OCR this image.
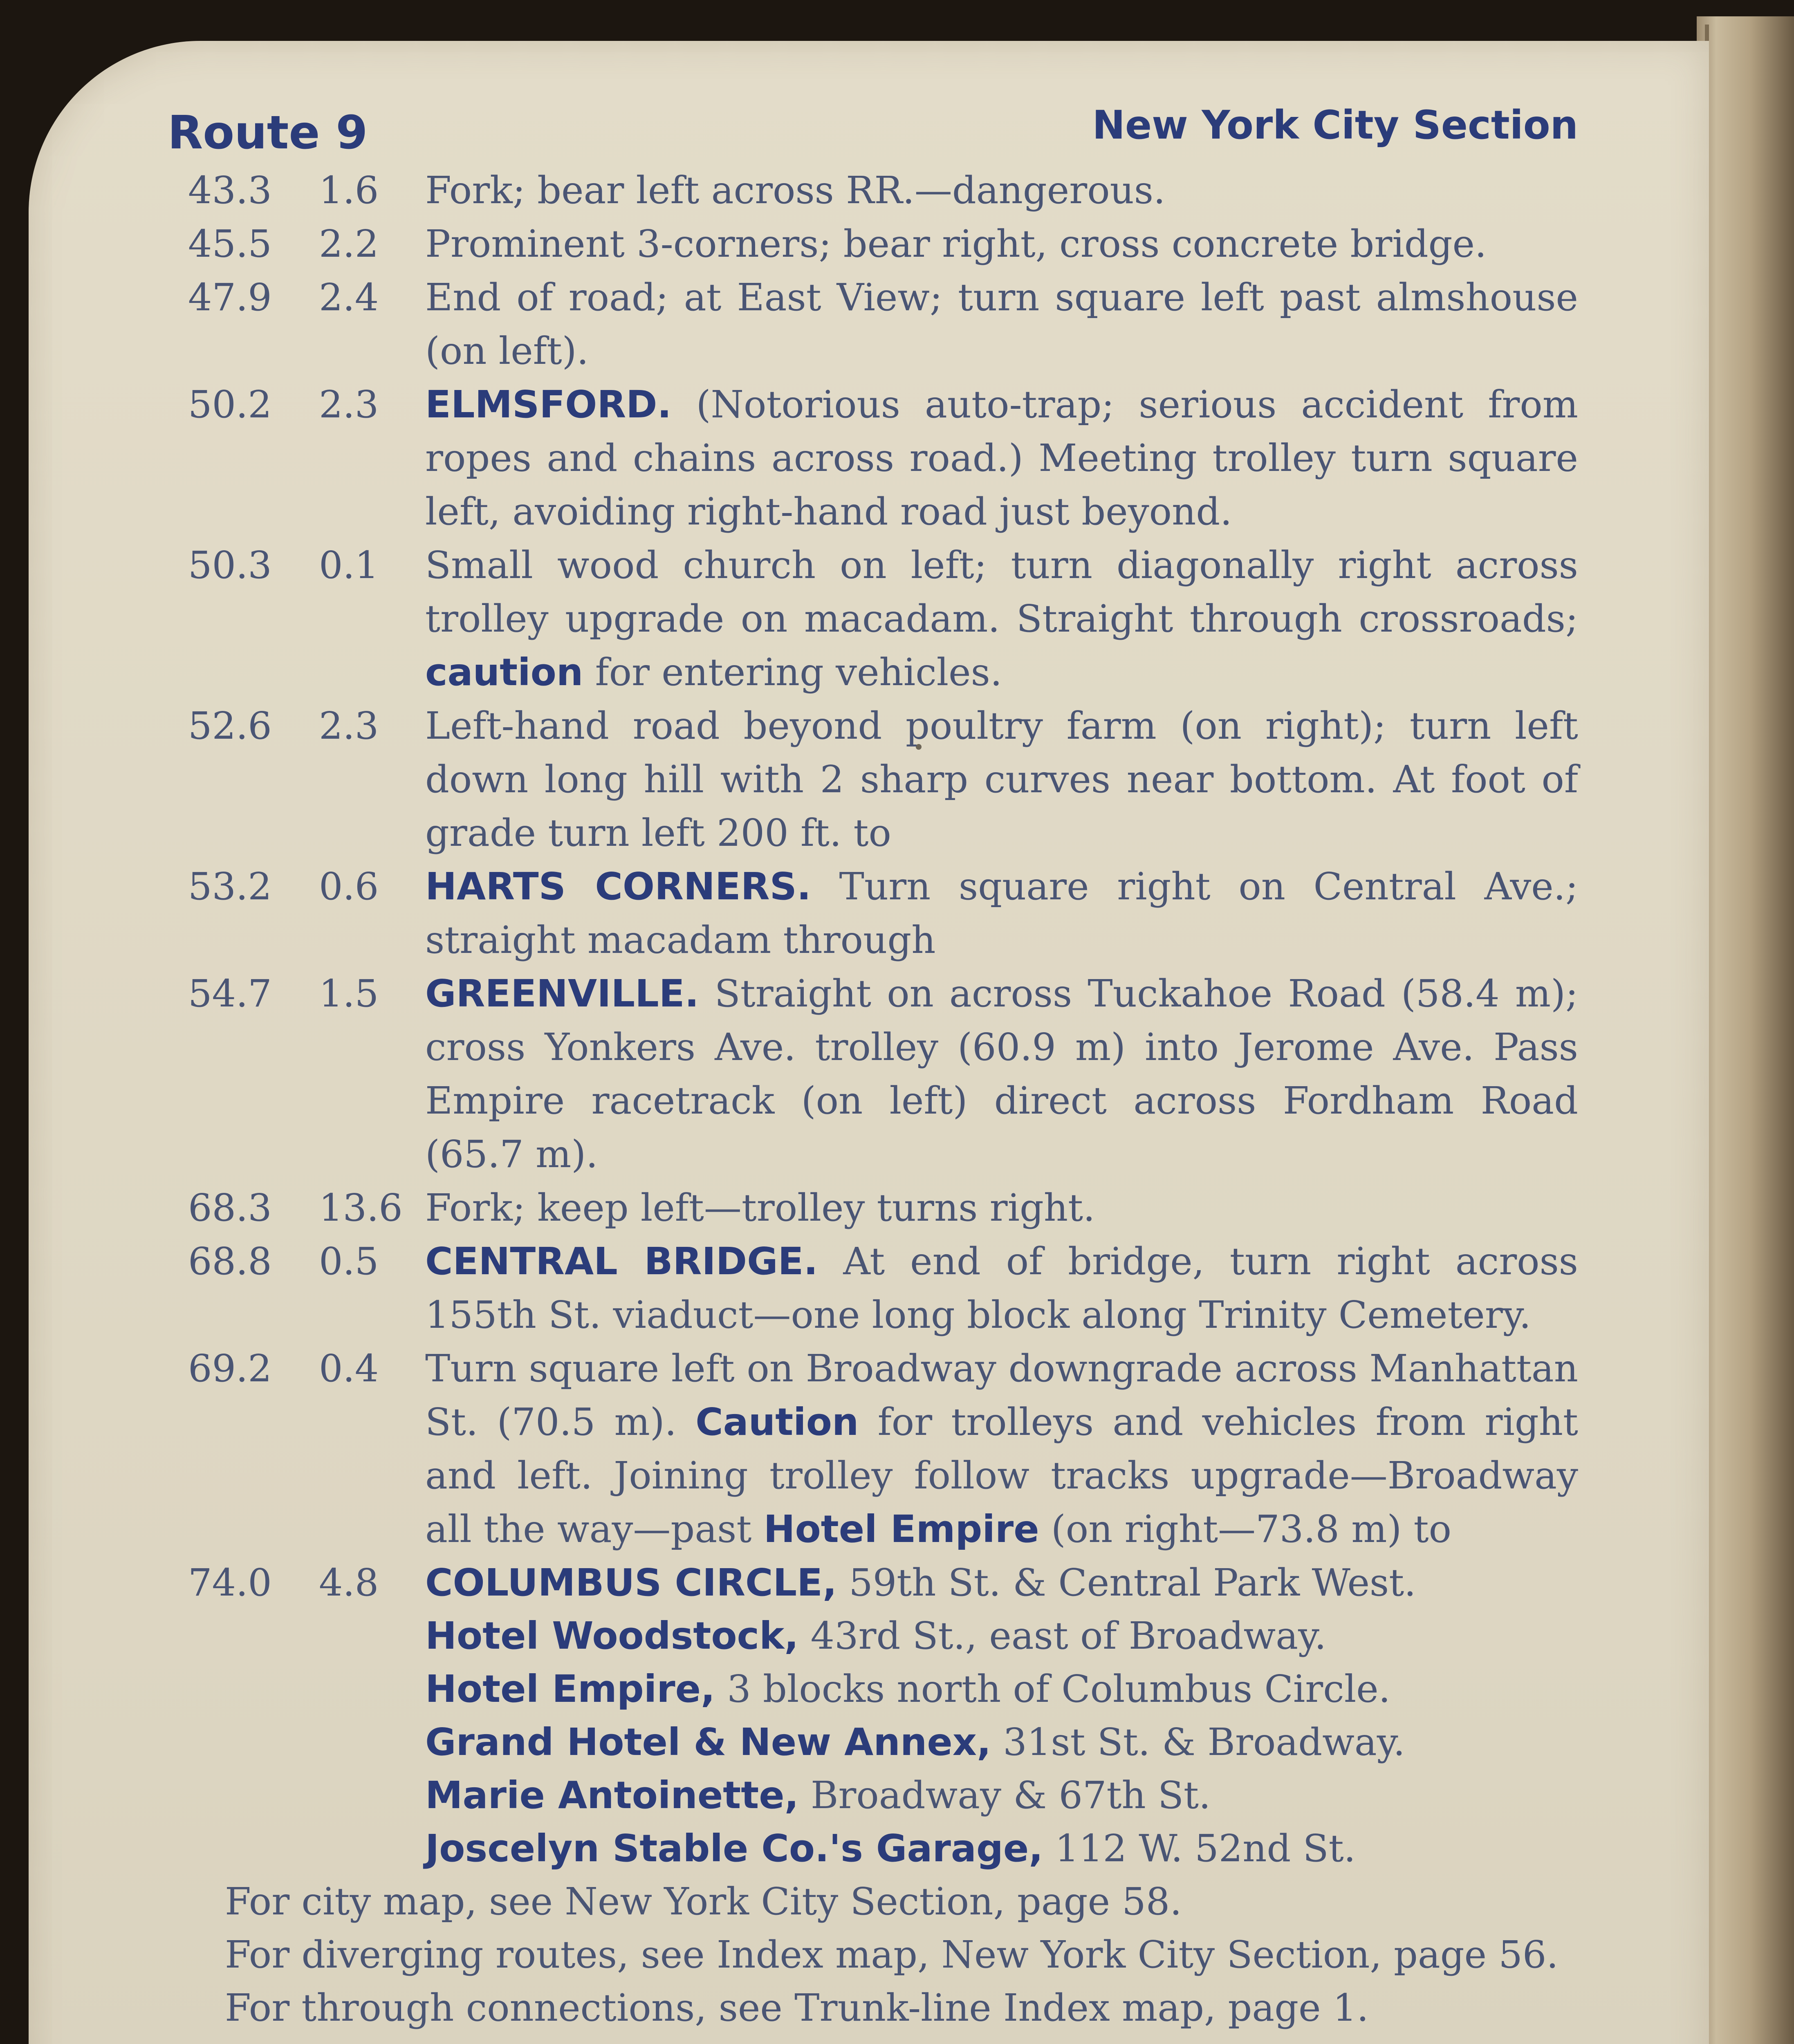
Route 9	New York City Section
43.3 1.6	Fork; bear left across RR.—dangerous.
45.5 2.2	Prominent 3-corners; bear right, cross concrete bridge.
47.9 2.4	End of road; at East View; turn square left past almshouse (on left).
50.2 2.3	ELMSFORD. (Notorious auto-trap; serious accident from ropes and chains across road.) Meeting trolley turn square left, avoiding right-hand road just beyond.
50.3 0.1	Small wood church on left; turn diagonally right across trolley upgrade on macadam. Straight through crossroads; caution for entering vehicles.
52.6 2.3	Left-hand road beyond poultry farm (on right); turn left down long hill with 2 sharp curves near bottom. At foot of grade turn left 200 ft. to
53.2 0.6	HARTS CORNERS. Turn square right on Central Ave.; straight macadam through
54.7 1.5	GREENVILLE. Straight on across Tuckahoe Road (58.4 m); cross Yonkers Ave. trolley (60.9 m) into Jerome Ave. Pass Empire racetrack (on left) direct across Fordham Road (65.7 m).
68.3 13.6 Fork; keep left—trolley turns right.
68.8 0.5	CENTRAL BRIDGE. At end of bridge, turn right across 155th St. viaduct—one long block along Trinity Cemetery.
69.2 0.4	Turn square left on Broadway downgrade across Manhattan St. (70.5 m). Caution for trolleys and vehicles from right and left. Joining trolley follow tracks upgrade—Broadway all the way—past Hotel Empire (on right—73.8 m) to
74.0 4.8	COLUMBUS CIRCLE, 59th St. & Central Park West.
Hotel Woodstock, 43rd St., east of Broadway.
Hotel Empire, 3 blocks north of Columbus Circle.
Grand Hotel & New Annex, 31st St. & Broadway.
Marie Antoinette, Broadway & 67th St.
Joscelyn Stable Co.'s Garage, 112 W. 52nd St.
For city map, see New York City Section, page 58.
For diverging routes, see Index map, New York City Section, page 56.
For through connections, see Trunk-line Index map, page 1.
